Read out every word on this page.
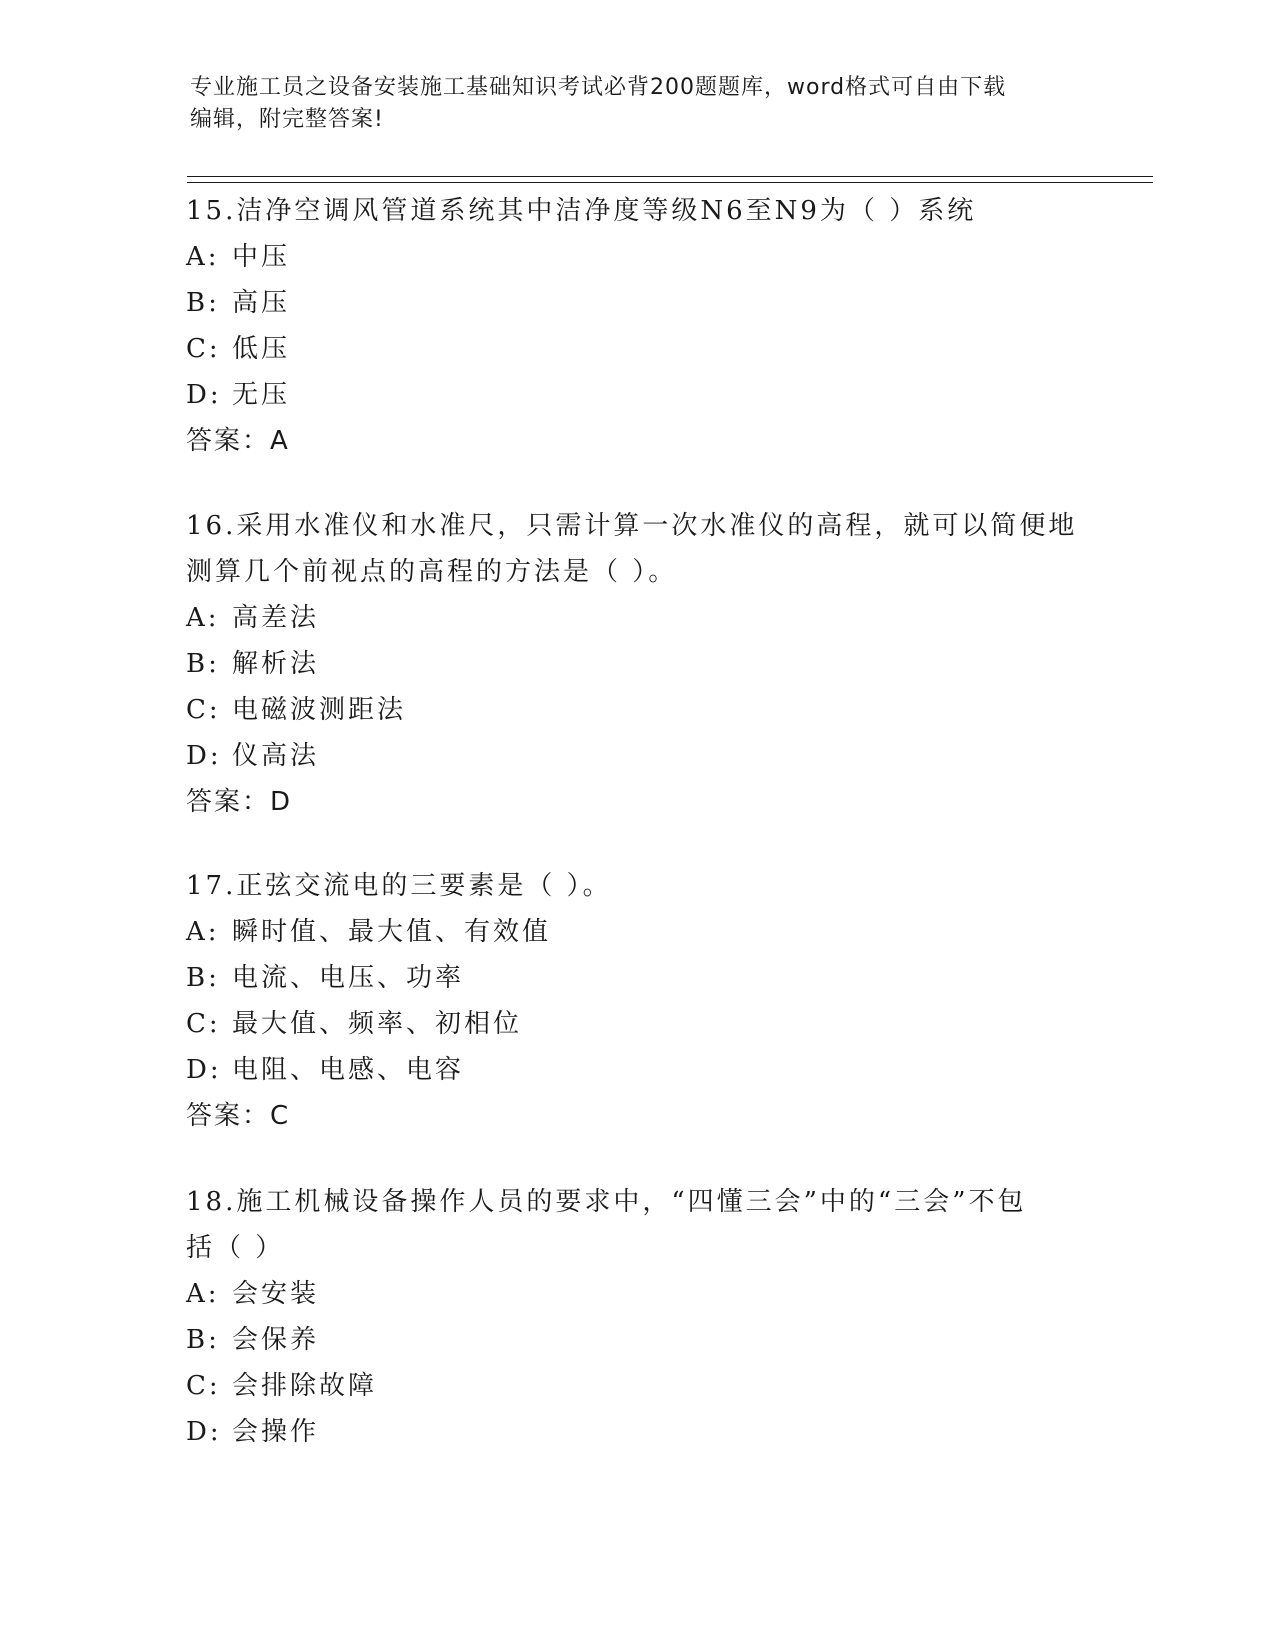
专业施工员之设备安装施工基础知识考试必背200题题库，word格式可自由下载
编辑，附完整答案!

15.洁净空调风管道系统其中洁净度等级N6至N9为（ ）系统

A: 中压

B: 高压

C: 低压

D: 无压

答案：A

16.采用水准仪和水准尺，只需计算一次水准仪的高程，就可以简便地

测算几个前视点的高程的方法是（ ）。

A: 高差法

B: 解析法

C: 电磁波测距法

D: 仪高法

答案：D

17.正弦交流电的三要素是（ ）。

A: 瞬时值、最大值、有效值

B: 电流、电压、功率

C: 最大值、频率、初相位

D: 电阻、电感、电容

答案：C

18.施工机械设备操作人员的要求中，“四懂三会”中的“三会”不包

括（ ）

A: 会安装

B: 会保养

C: 会排除故障

D: 会操作
